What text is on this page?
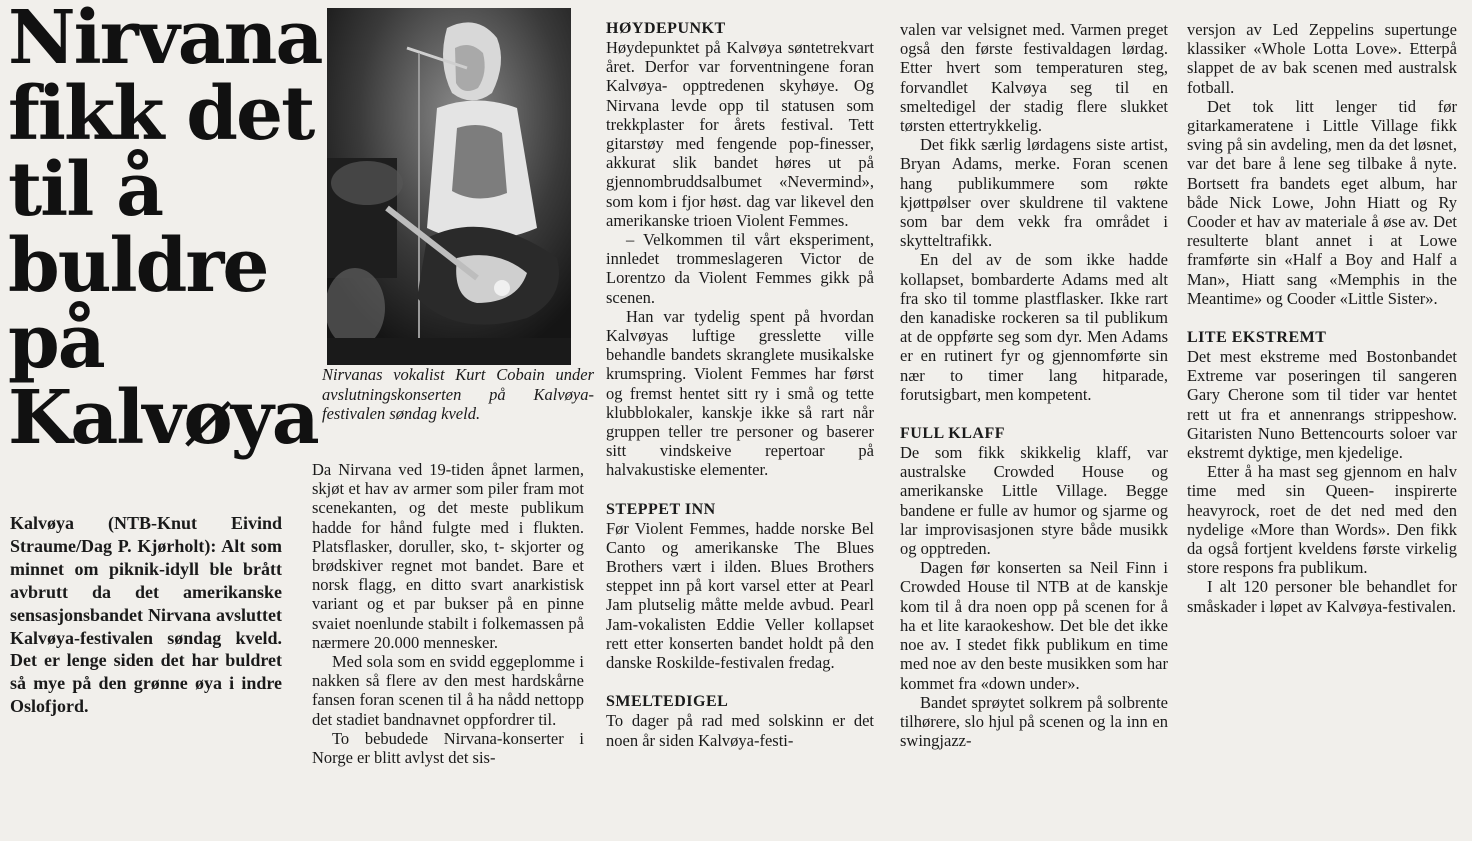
Nirvana
fikk det
til å
buldre
på
Kalvøya

Kalvøya (NTB-Knut Eivind Straume/Dag P. Kjørholt): Alt som minnet om piknik-idyll ble brått avbrutt da det amerikanske sensasjonsbandet Nirvana avsluttet Kalvøya-festivalen søndag kveld. Det er lenge siden det har buldret så mye på den grønne øya i indre Oslofjord.

Nirvanas vokalist Kurt Cobain under avslutningskonserten på Kalvøya-festivalen søndag kveld.

Da Nirvana ved 19-tiden åpnet larmen, skjøt et hav av armer som piler fram mot scenekanten, og det meste publikum hadde for hånd fulgte med i flukten. Platsflasker, doruller, sko, t- skjorter og brødskiver regnet mot bandet. Bare et norsk flagg, en ditto svart anarkistisk variant og et par bukser på en pinne svaiet noenlunde stabilt i folkemassen på nærmere 20.000 mennesker.

Med sola som en svidd eggeplomme i nakken så flere av den mest hardskårne fansen foran scenen til å ha nådd nettopp det stadiet bandnavnet oppfordrer til.

To bebudede Nirvana-konserter i Norge er blitt avlyst det sis-

HØYDEPUNKT

Høydepunktet på Kalvøya søntetrekvart året. Derfor var forventningene foran Kalvøya- opptredenen skyhøye. Og Nirvana levde opp til statusen som trekkplaster for årets festival. Tett gitarstøy med fengende pop-finesser, akkurat slik bandet høres ut på gjennombruddsalbumet «Nevermind», som kom i fjor høst. dag var likevel den amerikanske trioen Violent Femmes.

– Velkommen til vårt eksperiment, innledet trommeslageren Victor de Lorentzo da Violent Femmes gikk på scenen.

Han var tydelig spent på hvordan Kalvøyas luftige gresslette ville behandle bandets skranglete musikalske krumspring. Violent Femmes har først og fremst hentet sitt ry i små og tette klubblokaler, kanskje ikke så rart når gruppen teller tre personer og baserer sitt vindskeive repertoar på halvakustiske elementer.

STEPPET INN

Før Violent Femmes, hadde norske Bel Canto og amerikanske The Blues Brothers vært i ilden. Blues Brothers steppet inn på kort varsel etter at Pearl Jam plutselig måtte melde avbud. Pearl Jam-vokalisten Eddie Veller kollapset rett etter konserten bandet holdt på den danske Roskilde-festivalen fredag.

SMELTEDIGEL

To dager på rad med solskinn er det noen år siden Kalvøya-festi-

valen var velsignet med. Varmen preget også den første festivaldagen lørdag. Etter hvert som temperaturen steg, forvandlet Kalvøya seg til en smeltedigel der stadig flere slukket tørsten ettertrykkelig.

Det fikk særlig lørdagens siste artist, Bryan Adams, merke. Foran scenen hang publikummere som røkte kjøttpølser over skuldrene til vaktene som bar dem vekk fra området i skytteltrafikk.

En del av de som ikke hadde kollapset, bombarderte Adams med alt fra sko til tomme plastflasker. Ikke rart den kanadiske rockeren sa til publikum at de oppførte seg som dyr. Men Adams er en rutinert fyr og gjennomførte sin nær to timer lang hitparade, forutsigbart, men kompetent.

FULL KLAFF

De som fikk skikkelig klaff, var australske Crowded House og amerikanske Little Village. Begge bandene er fulle av humor og sjarme og lar improvisasjonen styre både musikk og opptreden.

Dagen før konserten sa Neil Finn i Crowded House til NTB at de kanskje kom til å dra noen opp på scenen for å ha et lite karaokeshow. Det ble det ikke noe av. I stedet fikk publikum en time med noe av den beste musikken som har kommet fra «down under».

Bandet sprøytet solkrem på solbrente tilhørere, slo hjul på scenen og la inn en swingjazz-

versjon av Led Zeppelins supertunge klassiker «Whole Lotta Love». Etterpå slappet de av bak scenen med australsk fotball.

Det tok litt lenger tid før gitarkameratene i Little Village fikk sving på sin avdeling, men da det løsnet, var det bare å lene seg tilbake å nyte. Bortsett fra bandets eget album, har både Nick Lowe, John Hiatt og Ry Cooder et hav av materiale å øse av. Det resulterte blant annet i at Lowe framførte sin «Half a Boy and Half a Man», Hiatt sang «Memphis in the Meantime» og Cooder «Little Sister».

LITE EKSTREMT

Det mest ekstreme med Bostonbandet Extreme var poseringen til sangeren Gary Cherone som til tider var hentet rett ut fra et annenrangs strippeshow. Gitaristen Nuno Bettencourts soloer var ekstremt dyktige, men kjedelige.

Etter å ha mast seg gjennom en halv time med sin Queen- inspirerte heavyrock, roet de det ned med den nydelige «More than Words». Den fikk da også fortjent kveldens første virkelig store respons fra publikum.

I alt 120 personer ble behandlet for småskader i løpet av Kalvøya-festivalen.
